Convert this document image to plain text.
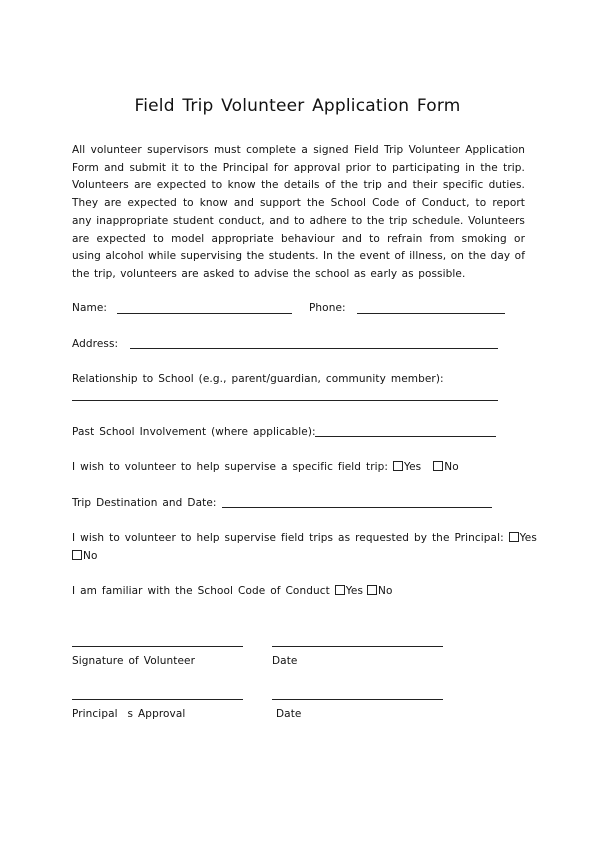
Field Trip Volunteer Application Form
All volunteer supervisors must complete a signed Field Trip Volunteer Application Form and submit it to the Principal for approval prior to participating in the trip. Volunteers are expected to know the details of the trip and their specific duties. They are expected to know and support the School Code of Conduct, to report any inappropriate student conduct, and to adhere to the trip schedule. Volunteers are expected to model appropriate behaviour and to refrain from smoking or using alcohol while supervising the students. In the event of illness, on the day of the trip, volunteers are asked to advise the school as early as possible.
Name:	Phone:
Address:
Relationship to School (e.g., parent/guardian, community member):
Past School Involvement (where applicable):
I wish to volunteer to help supervise a specific field trip: Yes No
Trip Destination and Date:
I wish to volunteer to help supervise field trips as requested by the Principal: Yes
No
I am familiar with the School Code of Conduct Yes No
Signature of Volunteer	Date
Principal  s Approval	Date
